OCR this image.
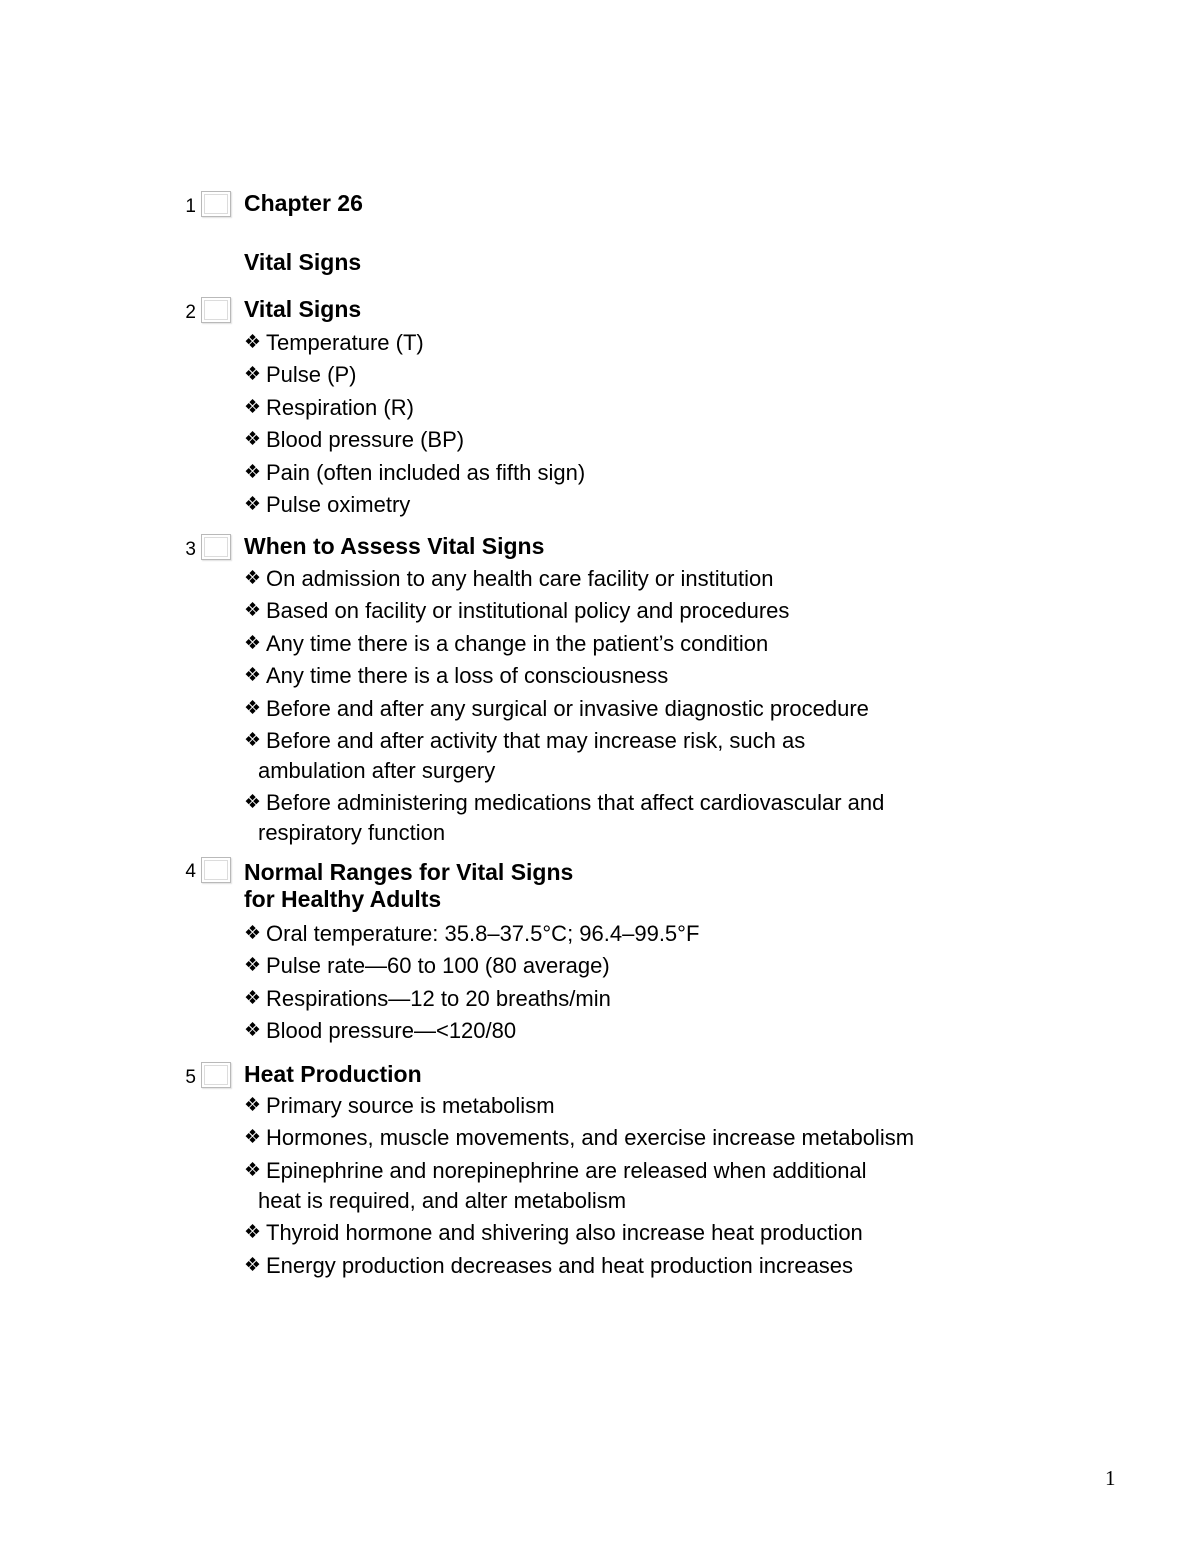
1 Chapter 26
Vital Signs
2 Vital Signs
❖ Temperature (T)
❖ Pulse (P)
❖ Respiration (R)
❖ Blood pressure (BP)
❖ Pain (often included as fifth sign)
❖ Pulse oximetry
3 When to Assess Vital Signs
❖ On admission to any health care facility or institution
❖ Based on facility or institutional policy and procedures
❖ Any time there is a change in the patient’s condition
❖ Any time there is a loss of consciousness
❖ Before and after any surgical or invasive diagnostic procedure
❖ Before and after activity that may increase risk, such as
ambulation after surgery
❖ Before administering medications that affect cardiovascular and
respiratory function
4 Normal Ranges for Vital Signs
for Healthy Adults
❖ Oral temperature: 35.8–37.5°C; 96.4–99.5°F
❖ Pulse rate—60 to 100 (80 average)
❖ Respirations—12 to 20 breaths/min
❖ Blood pressure—<120/80
5 Heat Production
❖ Primary source is metabolism
❖ Hormones, muscle movements, and exercise increase metabolism
❖ Epinephrine and norepinephrine are released when additional
heat is required, and alter metabolism
❖ Thyroid hormone and shivering also increase heat production
❖ Energy production decreases and heat production increases
1
